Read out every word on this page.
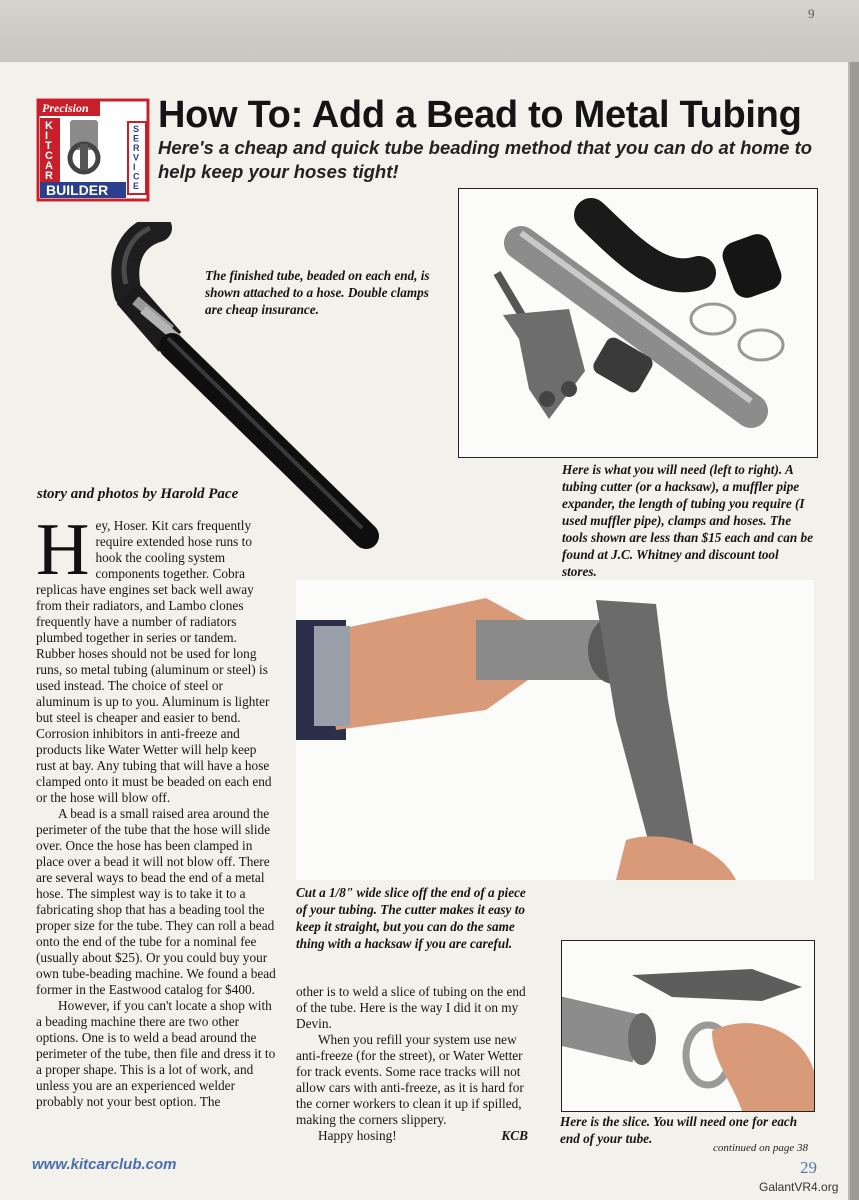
9
Precision
K
I
T
C
A
R
S
E
R
V
I
C
E
BUILDER
How To: Add a Bead to Metal Tubing
Here's a cheap and quick tube beading method that you can do at home to help keep your hoses tight!
The finished tube, beaded on each end, is shown attached to a hose. Double clamps are cheap insurance.
Here is what you will need (left to right). A tubing cutter (or a hacksaw), a muffler pipe expander, the length of tubing you require (I used muffler pipe), clamps and hoses. The tools shown are less than $15 each and can be found at J.C. Whitney and discount tool stores.
story and photos by Harold Pace
Cut a 1/8" wide slice off the end of a piece of your tubing. The cutter makes it easy to keep it straight, but you can do the same thing with a hacksaw if you are careful.
Here is the slice. You will need one for each end of your tube.

Hey, Hoser. Kit cars frequently require extended hose runs to hook the cooling system components together. Cobra replicas have engines set back well away from their radiators, and Lambo clones frequently have a number of radiators plumbed together in series or tandem. Rubber hoses should not be used for long runs, so metal tubing (aluminum or steel) is used instead. The choice of steel or aluminum is up to you. Aluminum is lighter but steel is cheaper and easier to bend. Corrosion inhibitors in anti-freeze and products like Water Wetter will help keep rust at bay. Any tubing that will have a hose clamped onto it must be beaded on each end or the hose will blow off.

A bead is a small raised area around the perimeter of the tube that the hose will slide over. Once the hose has been clamped in place over a bead it will not blow off. There are several ways to bead the end of a metal hose. The simplest way is to take it to a fabricating shop that has a beading tool the proper size for the tube. They can roll a bead onto the end of the tube for a nominal fee (usually about $25). Or you could buy your own tube-beading machine. We found a bead former in the Eastwood catalog for $400.

However, if you can't locate a shop with a beading machine there are two other options. One is to weld a bead around the perimeter of the tube, then file and dress it to a proper shape. This is a lot of work, and unless you are an experienced welder probably not your best option. The

other is to weld a slice of tubing on the end of the tube. Here is the way I did it on my Devin.

When you refill your system use new anti-freeze (for the street), or Water Wetter for track events. Some race tracks will not allow cars with anti-freeze, as it is hard for the corner workers to clean it up if spilled, making the corners slippery.

Happy hosing!	KCB

www.kitcarclub.com
continued on page 38
29
GalantVR4.org
